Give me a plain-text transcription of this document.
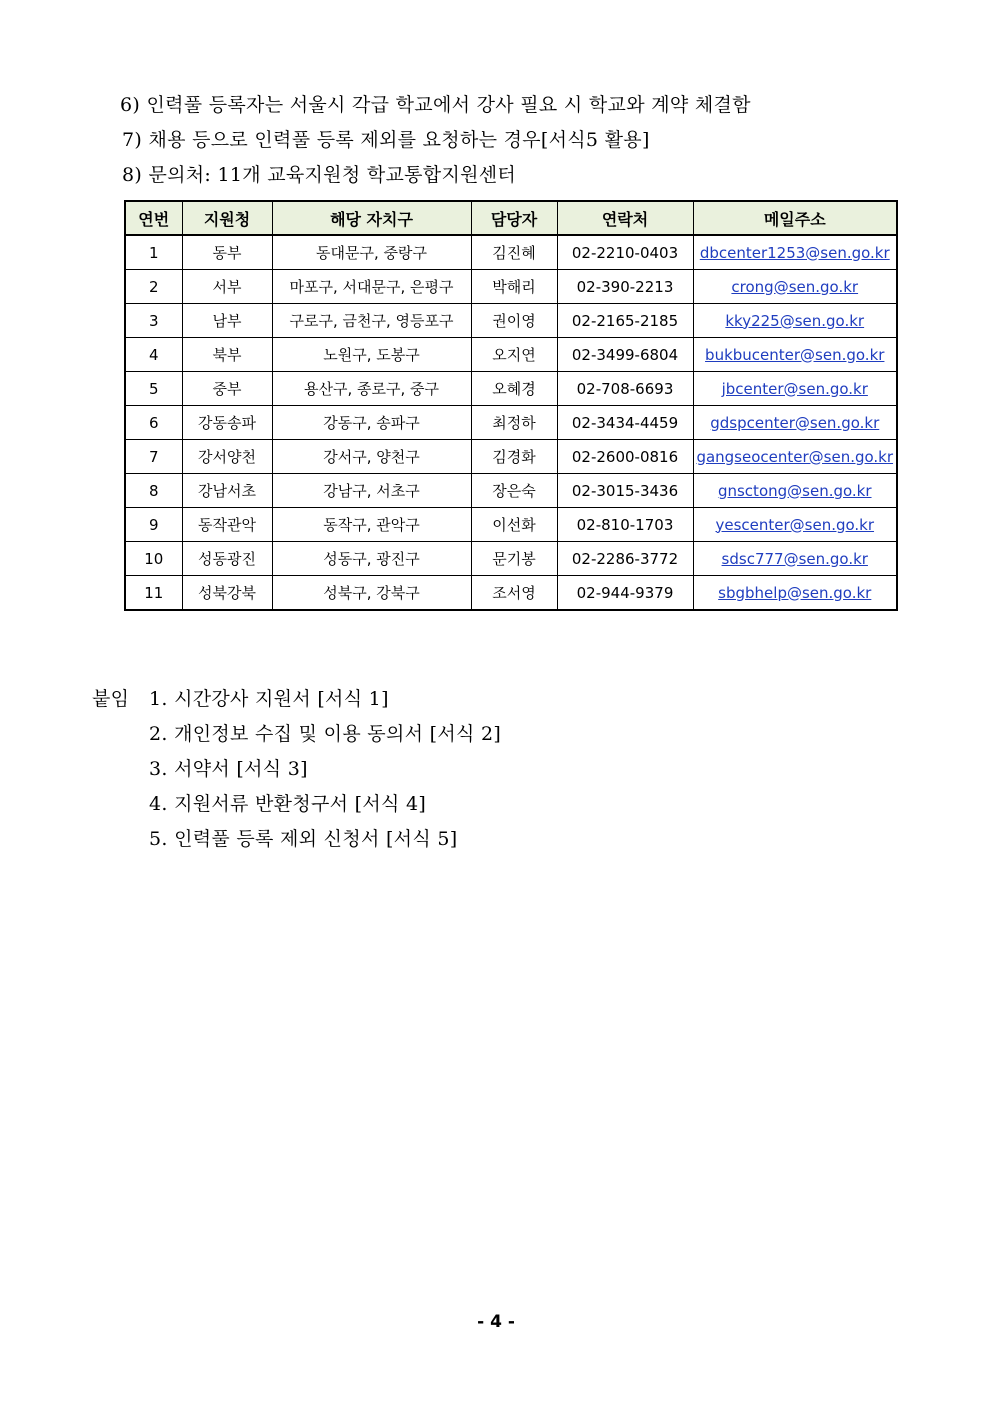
6) 인력풀 등록자는 서울시 각급 학교에서 강사 필요 시 학교와 계약 체결함
7) 채용 등으로 인력풀 등록 제외를 요청하는 경우[서식5 활용]
8) 문의처: 11개 교육지원청 학교통합지원센터
연번	지원청	해당 자치구	담당자	연락처	메일주소
1	동부	동대문구, 중랑구	김진혜	02-2210-0403	dbcenter1253@sen.go.kr
2	서부	마포구, 서대문구, 은평구	박해리	02-390-2213	crong@sen.go.kr
3	남부	구로구, 금천구, 영등포구	권이영	02-2165-2185	kky225@sen.go.kr
4	북부	노원구, 도봉구	오지연	02-3499-6804	bukbucenter@sen.go.kr
5	중부	용산구, 종로구, 중구	오혜경	02-708-6693	jbcenter@sen.go.kr
6	강동송파	강동구, 송파구	최정하	02-3434-4459	gdspcenter@sen.go.kr
7	강서양천	강서구, 양천구	김경화	02-2600-0816	gangseocenter@sen.go.kr
8	강남서초	강남구, 서초구	장은숙	02-3015-3436	gnsctong@sen.go.kr
9	동작관악	동작구, 관악구	이선화	02-810-1703	yescenter@sen.go.kr
10	성동광진	성동구, 광진구	문기봉	02-2286-3772	sdsc777@sen.go.kr
11	성북강북	성북구, 강북구	조서영	02-944-9379	sbgbhelp@sen.go.kr
붙임 1. 시간강사 지원서 [서식 1]
2. 개인정보 수집 및 이용 동의서 [서식 2]
3. 서약서 [서식 3]
4. 지원서류 반환청구서 [서식 4]
5. 인력풀 등록 제외 신청서 [서식 5]
- 4 -
